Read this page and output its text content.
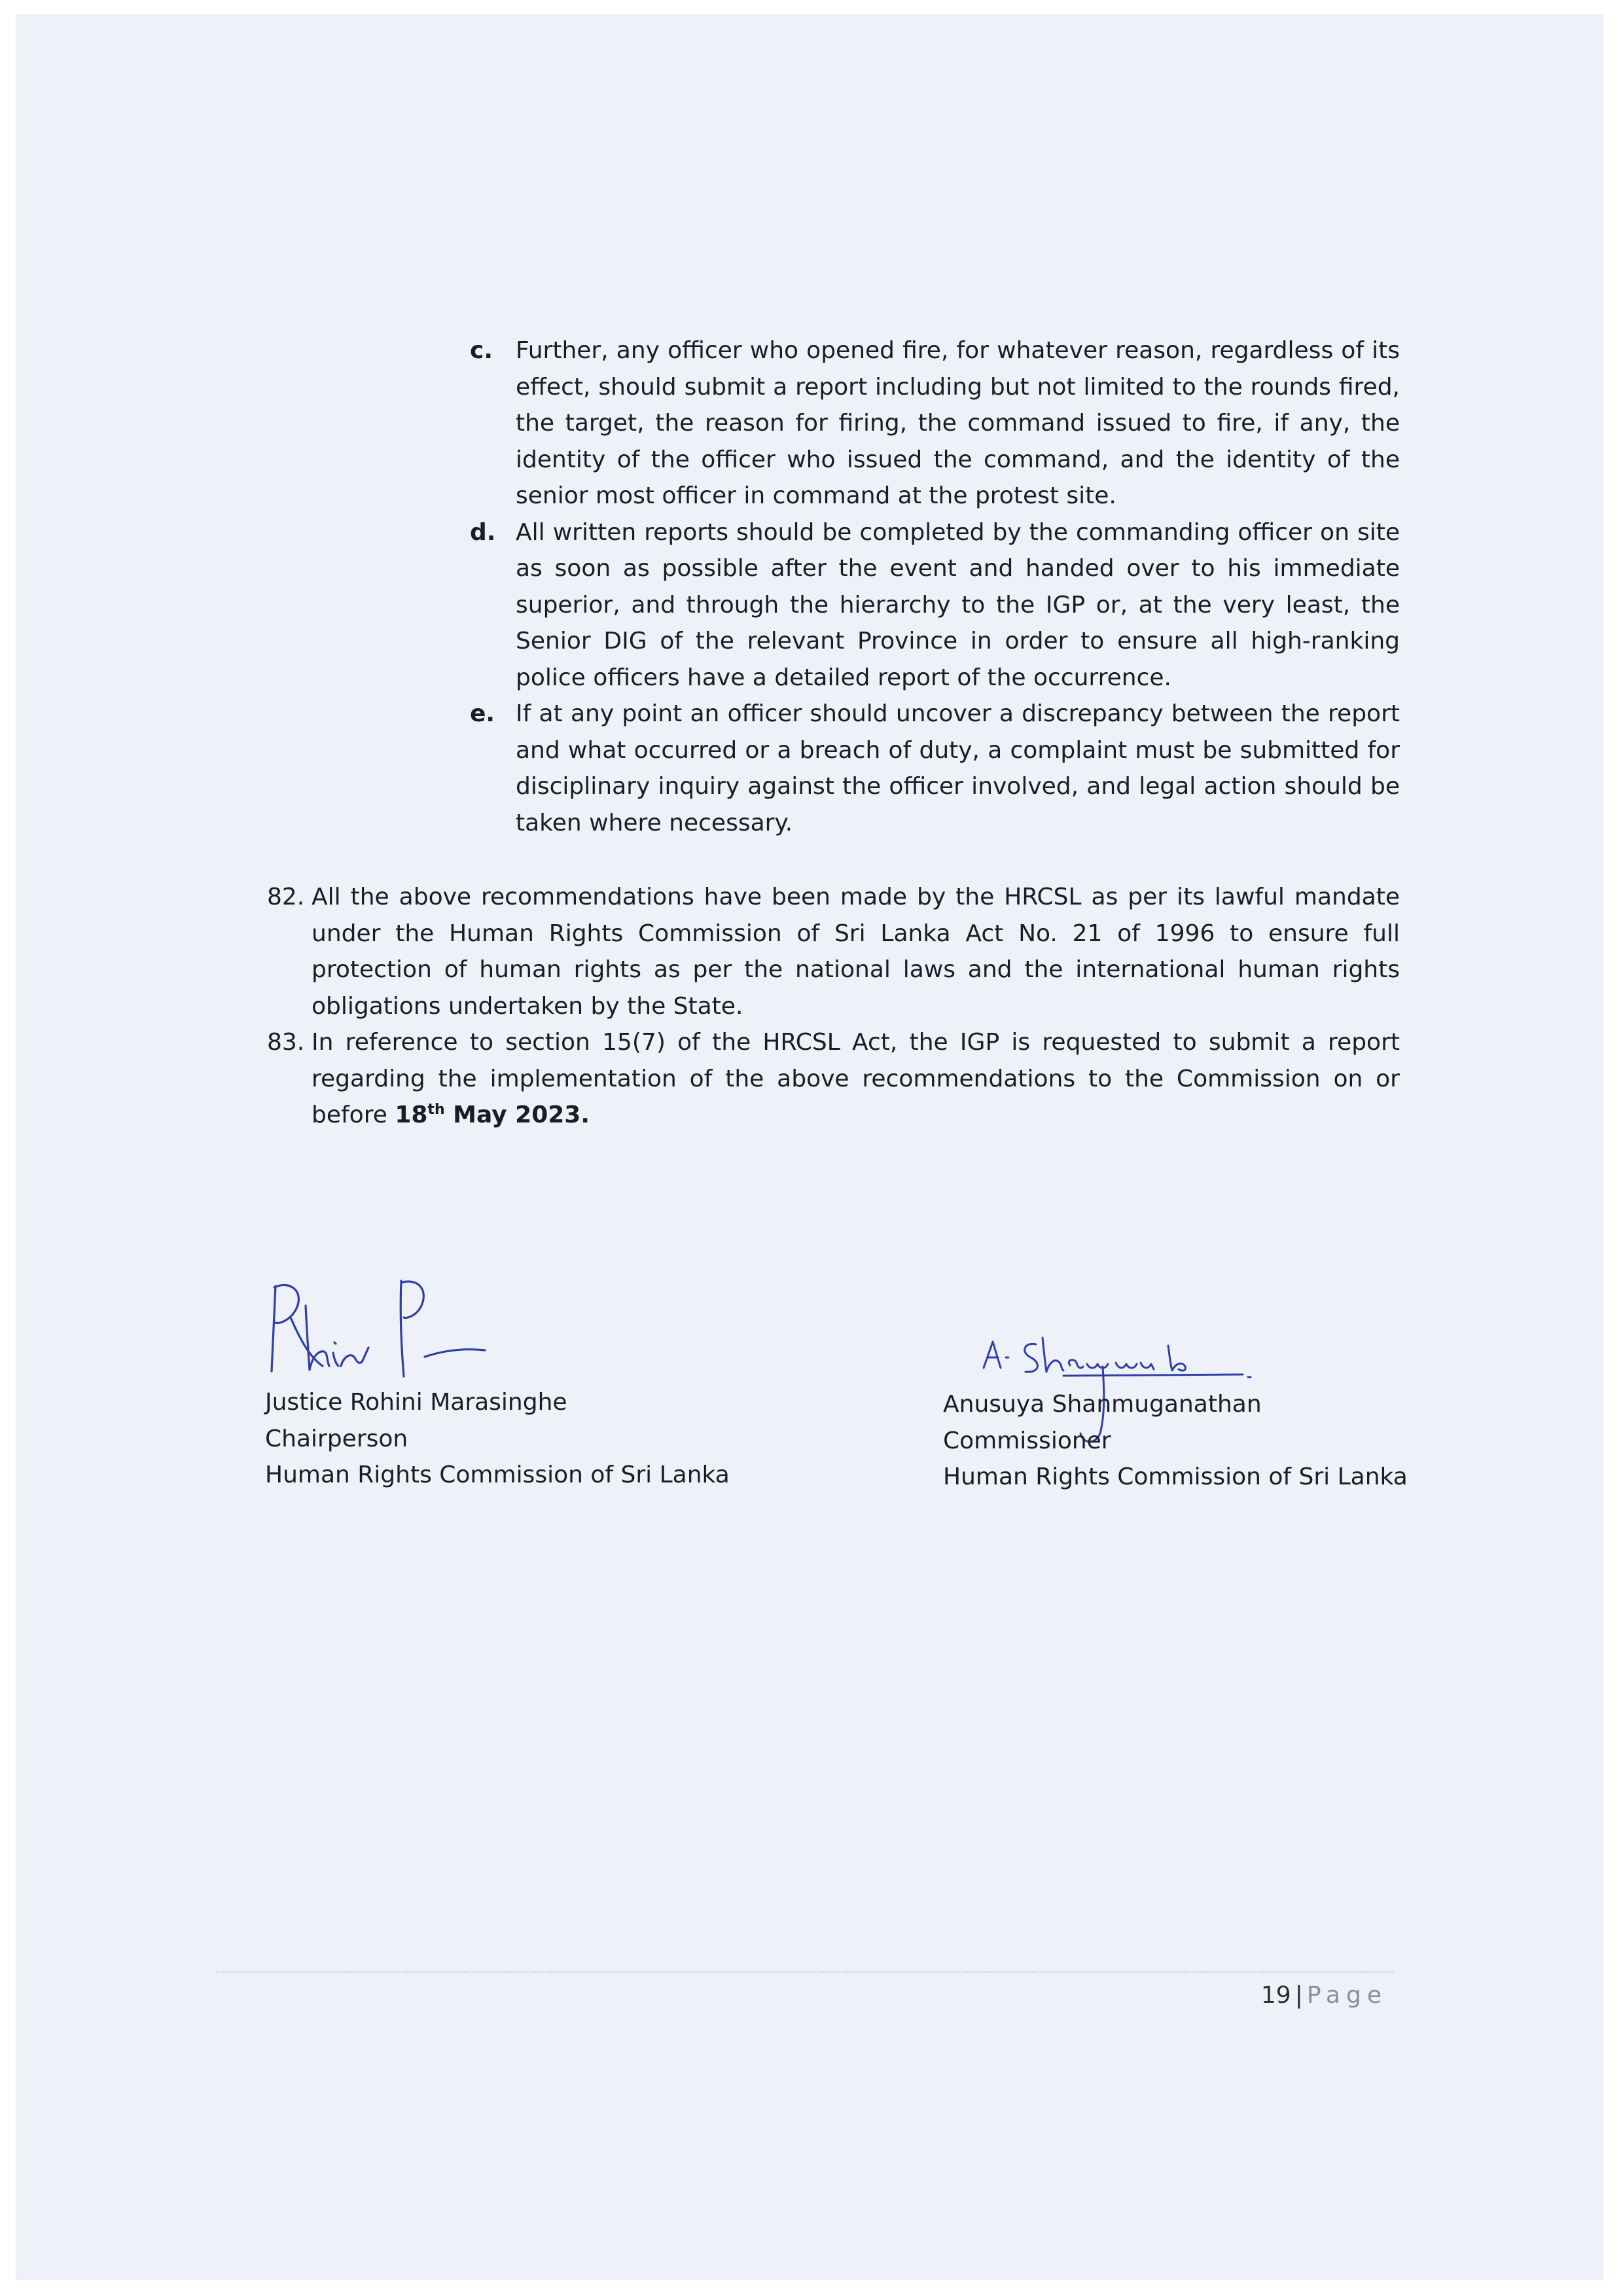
c. Further, any officer who opened fire, for whatever reason, regardless of its effect, should submit a report including but not limited to the rounds fired, the target, the reason for firing, the command issued to fire, if any, the identity of the officer who issued the command, and the identity of the senior most officer in command at the protest site.
d. All written reports should be completed by the commanding officer on site as soon as possible after the event and handed over to his immediate superior, and through the hierarchy to the IGP or, at the very least, the Senior DIG of the relevant Province in order to ensure all high-ranking police officers have a detailed report of the occurrence.
e. If at any point an officer should uncover a discrepancy between the report and what occurred or a breach of duty, a complaint must be submitted for disciplinary inquiry against the officer involved, and legal action should be taken where necessary.
82. All the above recommendations have been made by the HRCSL as per its lawful mandate under the Human Rights Commission of Sri Lanka Act No. 21 of 1996 to ensure full protection of human rights as per the national laws and the international human rights obligations undertaken by the State.
83. In reference to section 15(7) of the HRCSL Act, the IGP is requested to submit a report regarding the implementation of the above recommendations to the Commission on or before 18th May 2023.
Justice Rohini Marasinghe
Chairperson
Human Rights Commission of Sri Lanka
Anusuya Shanmuganathan
Commissioner
Human Rights Commission of Sri Lanka
19 | Page
